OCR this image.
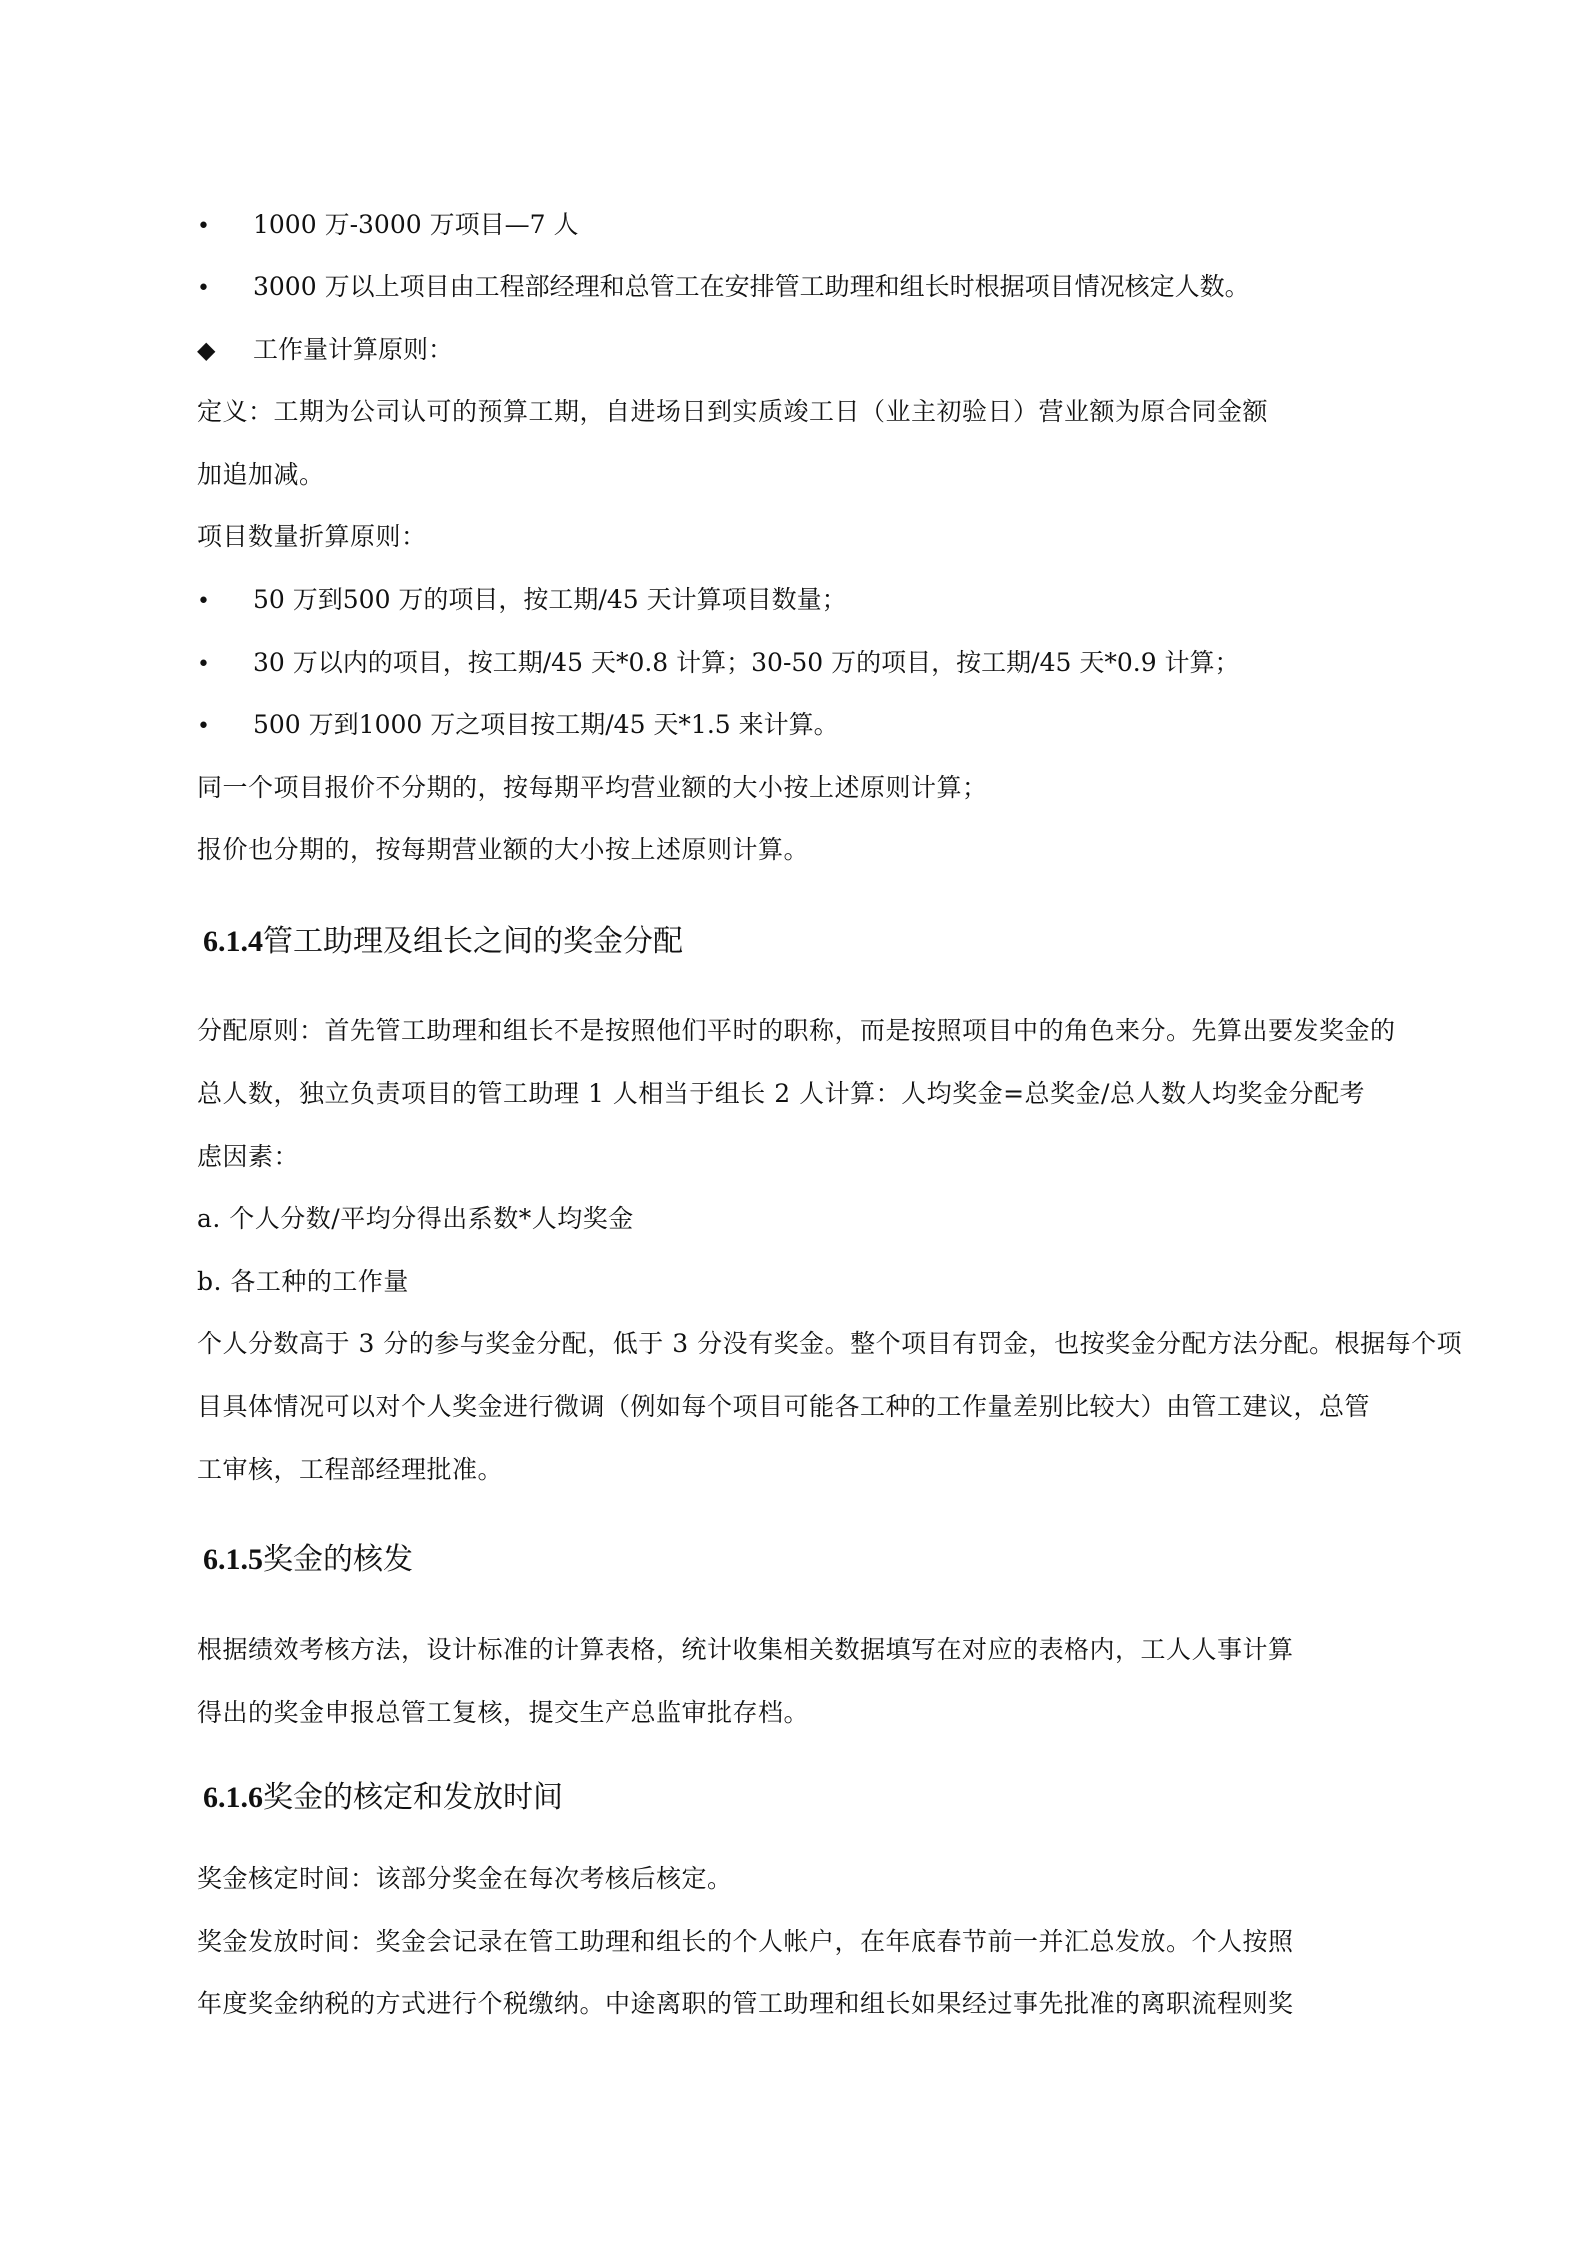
• 1000 万-3000 万项目—7 人
• 3000 万以上项目由工程部经理和总管工在安排管工助理和组长时根据项目情况核定人数。
◆ 工作量计算原则：
定义：工期为公司认可的预算工期，自进场日到实质竣工日（业主初验日）营业额为原合同金额
加追加减。
项目数量折算原则：
• 50 万到500 万的项目，按工期/45 天计算项目数量；
• 30 万以内的项目，按工期/45 天*0.8 计算；30-50 万的项目，按工期/45 天*0.9 计算；
• 500 万到1000 万之项目按工期/45 天*1.5 来计算。
同一个项目报价不分期的，按每期平均营业额的大小按上述原则计算；
报价也分期的，按每期营业额的大小按上述原则计算。
6.1.4管工助理及组长之间的奖金分配
分配原则：首先管工助理和组长不是按照他们平时的职称，而是按照项目中的角色来分。先算出要发奖金的
总人数，独立负责项目的管工助理 1 人相当于组长 2 人计算：人均奖金=总奖金/总人数人均奖金分配考
虑因素：
a. 个人分数/平均分得出系数*人均奖金
b. 各工种的工作量
个人分数高于 3 分的参与奖金分配，低于 3 分没有奖金。整个项目有罚金，也按奖金分配方法分配。根据每个项
目具体情况可以对个人奖金进行微调（例如每个项目可能各工种的工作量差别比较大）由管工建议，总管
工审核，工程部经理批准。
6.1.5奖金的核发
根据绩效考核方法，设计标准的计算表格，统计收集相关数据填写在对应的表格内，工人人事计算
得出的奖金申报总管工复核，提交生产总监审批存档。
6.1.6奖金的核定和发放时间
奖金核定时间：该部分奖金在每次考核后核定。
奖金发放时间：奖金会记录在管工助理和组长的个人帐户，在年底春节前一并汇总发放。个人按照
年度奖金纳税的方式进行个税缴纳。中途离职的管工助理和组长如果经过事先批准的离职流程则奖
